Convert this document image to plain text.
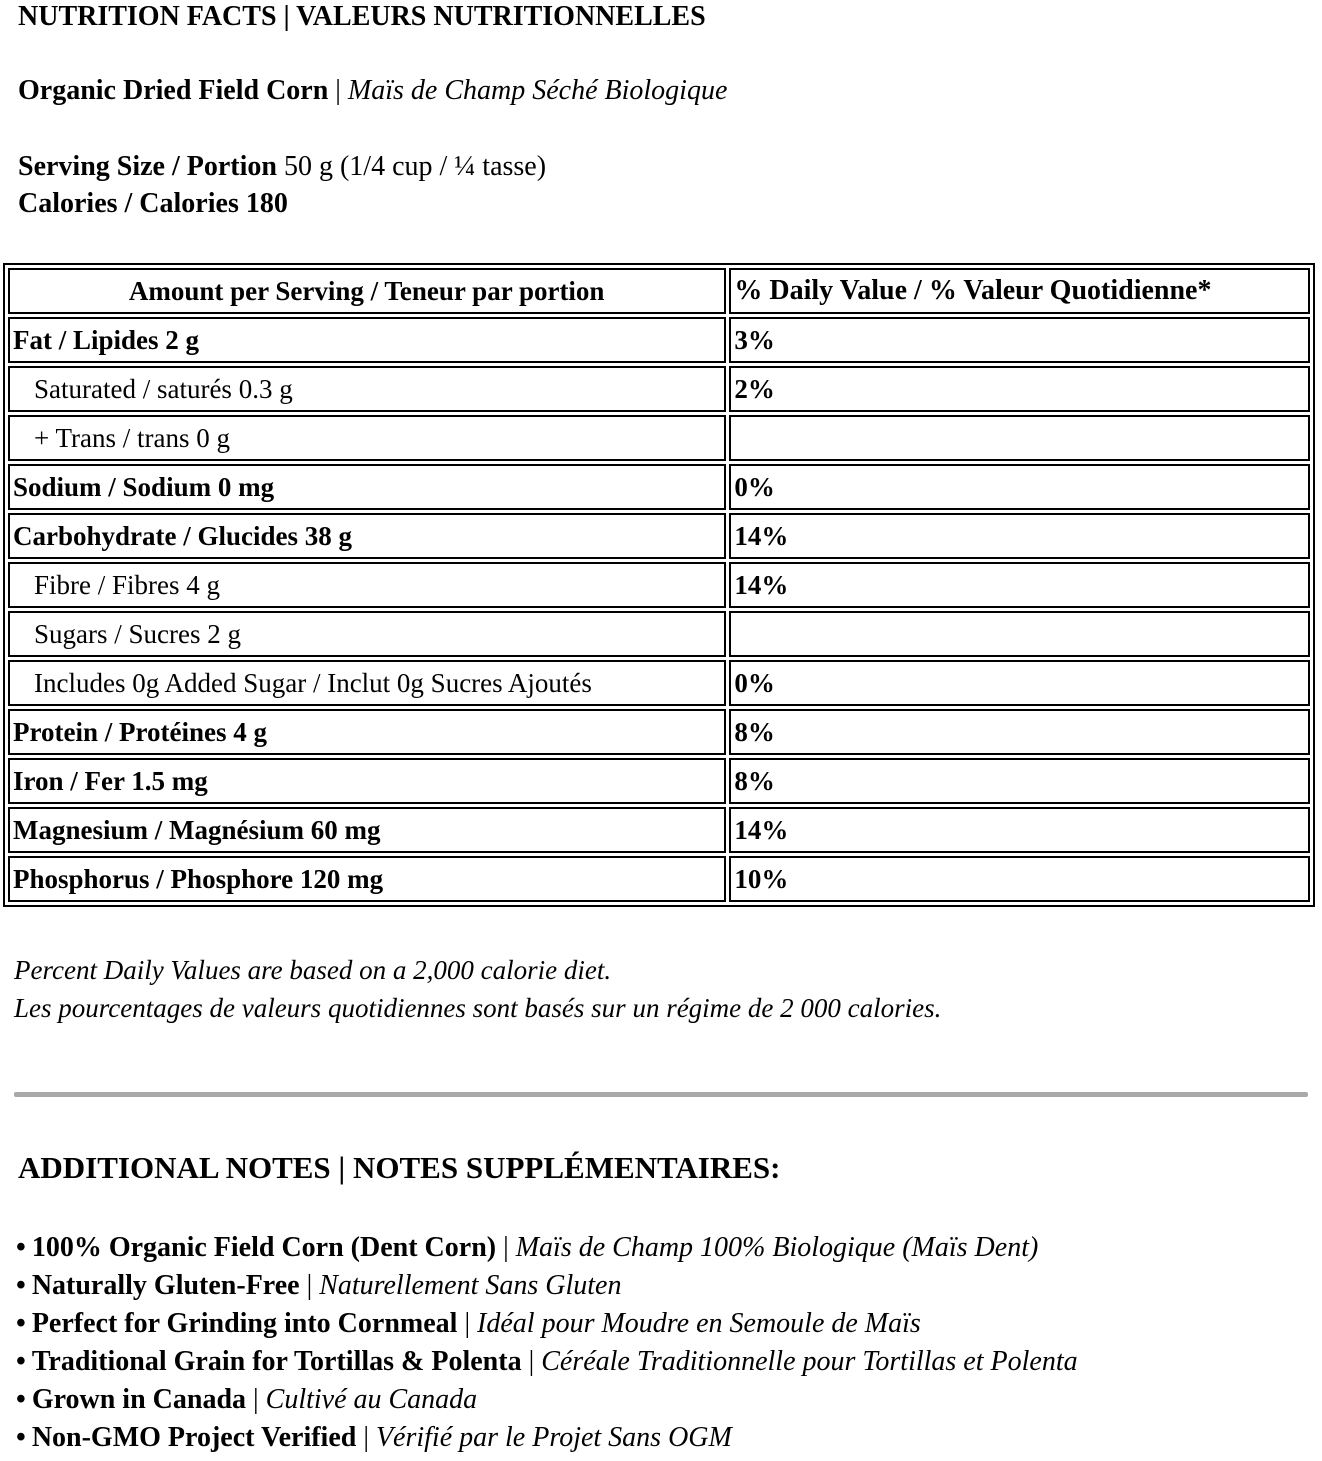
NUTRITION FACTS | VALEURS NUTRITIONNELLES
Organic Dried Field Corn | Maïs de Champ Séché Biologique
Serving Size / Portion 50 g (1/4 cup / ¼ tasse)
Calories / Calories 180
Amount per Serving / Teneur par portion	% Daily Value / % Valeur Quotidienne*
Fat / Lipides 2 g	3%
Saturated / saturés 0.3 g	2%
+ Trans / trans 0 g	
Sodium / Sodium 0 mg	0%
Carbohydrate / Glucides 38 g	14%
Fibre / Fibres 4 g	14%
Sugars / Sucres 2 g	
Includes 0g Added Sugar / Inclut 0g Sucres Ajoutés	0%
Protein / Protéines 4 g	8%
Iron / Fer 1.5 mg	8%
Magnesium / Magnésium 60 mg	14%
Phosphorus / Phosphore 120 mg	10%
Percent Daily Values are based on a 2,000 calorie diet.
Les pourcentages de valeurs quotidiennes sont basés sur un régime de 2 000 calories.
ADDITIONAL NOTES | NOTES SUPPLÉMENTAIRES:
• 100% Organic Field Corn (Dent Corn) | Maïs de Champ 100% Biologique (Maïs Dent)
• Naturally Gluten-Free | Naturellement Sans Gluten
• Perfect for Grinding into Cornmeal | Idéal pour Moudre en Semoule de Maïs
• Traditional Grain for Tortillas & Polenta | Céréale Traditionnelle pour Tortillas et Polenta
• Grown in Canada | Cultivé au Canada
• Non-GMO Project Verified | Vérifié par le Projet Sans OGM
